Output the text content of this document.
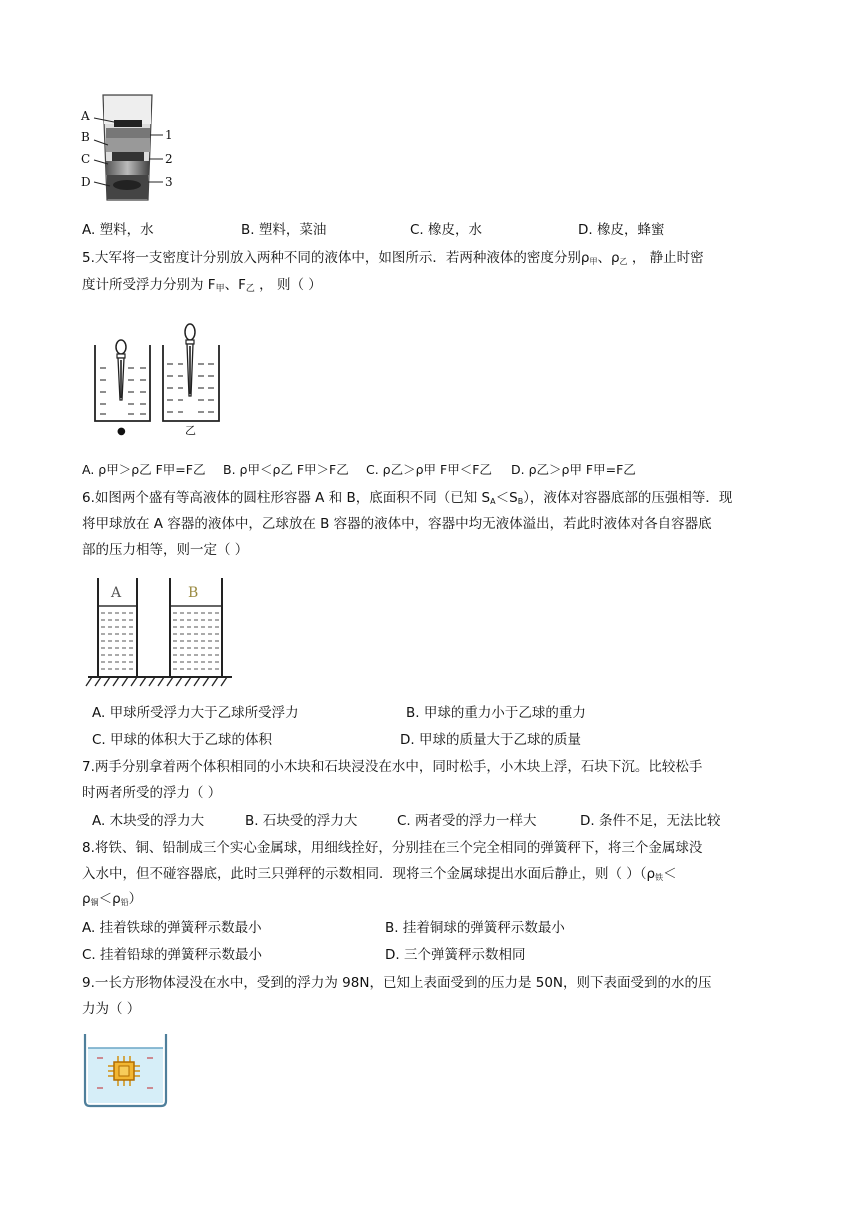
A
B
C
D
1
2
3
A. 塑料，水	B. 塑料，菜油	C. 橡皮，水	D. 橡皮，蜂蜜
5.大军将一支密度计分别放入两种不同的液体中，如图所示．若两种液体的密度分别$\rho_甲$、$\rho_乙$ ， 静止时密
度计所受浮力分别为 $F_甲$、$F_乙$ ， 则（ ）
●	乙
A. ρ甲＞ρ乙 F甲=F乙 B. ρ甲＜ρ乙 F甲＞F乙 C. ρ乙＞ρ甲 F甲＜F乙 D. ρ乙＞ρ甲 F甲=F乙
6.如图两个盛有等高液体的圆柱形容器 A 和 B，底面积不同（已知 $S_A<S_B$），液体对容器底部的压强相等．现
将甲球放在 A 容器的液体中，乙球放在 B 容器的液体中，容器中均无液体溢出，若此时液体对各自容器底
部的压力相等，则一定（ ）
A	B
A. 甲球所受浮力大于乙球所受浮力	B. 甲球的重力小于乙球的重力
C. 甲球的体积大于乙球的体积	D. 甲球的质量大于乙球的质量
7.两手分别拿着两个体积相同的小木块和石块浸没在水中，同时松手，小木块上浮，石块下沉。比较松手
时两者所受的浮力（ ）
A. 木块受的浮力大	B. 石块受的浮力大	C. 两者受的浮力一样大	D. 条件不足，无法比较
8.将铁、铜、铅制成三个实心金属球，用细线拴好，分别挂在三个完全相同的弹簧秤下，将三个金属球没
入水中，但不碰容器底，此时三只弹秤的示数相同．现将三个金属球提出水面后静止，则（ ）（$\rho_铁<$
$\rho_铜<\rho_铅$）
A. 挂着铁球的弹簧秤示数最小	B. 挂着铜球的弹簧秤示数最小
C. 挂着铅球的弹簧秤示数最小	D. 三个弹簧秤示数相同
9.一长方形物体浸没在水中，受到的浮力为 98N，已知上表面受到的压力是 50N，则下表面受到的水的压
力为（ ）
